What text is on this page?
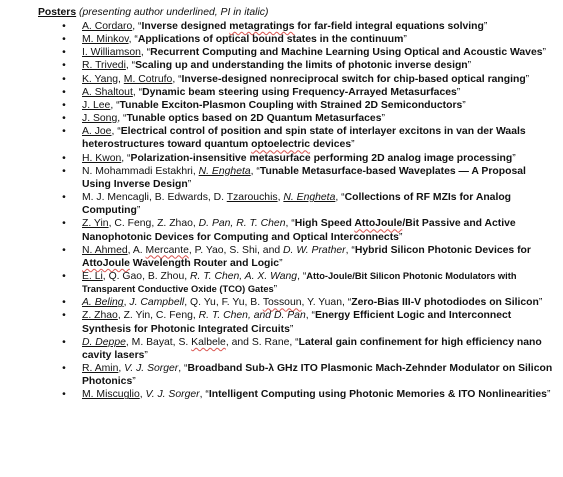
Posters (presenting author underlined, PI in italic)
• A. Cordaro, “Inverse designed metagratings for far-field integral equations solving”
• M. Minkov, “Applications of optical bound states in the continuum”
• I. Williamson, “Recurrent Computing and Machine Learning Using Optical and Acoustic Waves”
• R. Trivedi, “Scaling up and understanding the limits of photonic inverse design”
• K. Yang, M. Cotrufo, “Inverse-designed nonreciprocal switch for chip-based optical ranging”
• A. Shaltout, “Dynamic beam steering using Frequency-Arrayed Metasurfaces”
• J. Lee, “Tunable Exciton-Plasmon Coupling with Strained 2D Semiconductors”
• J. Song, “Tunable optics based on 2D Quantum Metasurfaces”
• A. Joe, “Electrical control of position and spin state of interlayer excitons in van der Waals heterostructures toward quantum optoelectric devices”
• H. Kwon, “Polarization-insensitive metasurface performing 2D analog image processing”
• N. Mohammadi Estakhri, N. Engheta, “Tunable Metasurface-based Waveplates — A Proposal Using Inverse Design”
• M. J. Mencagli, B. Edwards, D. Tzarouchis, N. Engheta, “Collections of RF MZIs for Analog Computing”
• Z. Yin, C. Feng, Z. Zhao, D. Pan, R. T. Chen, “High Speed AttoJoule/Bit Passive and Active Nanophotonic Devices for Computing and Optical Interconnects”
• N. Ahmed, A. Mercante, P. Yao, S. Shi, and D. W. Prather, “Hybrid Silicon Photonic Devices for AttoJoule Wavelength Router and Logic”
• E. Li, Q. Gao, B. Zhou, R. T. Chen, A. X. Wang, “Atto-Joule/Bit Silicon Photonic Modulators with Transparent Conductive Oxide (TCO) Gates”
• A. Beling, J. Campbell, Q. Yu, F. Yu, B. Tossoun, Y. Yuan, “Zero-Bias III-V photodiodes on Silicon”
• Z. Zhao, Z. Yin, C. Feng, R. T. Chen, and D. Pan, “Energy Efficient Logic and Interconnect Synthesis for Photonic Integrated Circuits”
• D. Deppe, M. Bayat, S. Kalbele, and S. Rane, “Lateral gain confinement for high efficiency nano cavity lasers”
• R. Amin, V. J. Sorger, “Broadband Sub-λ GHz ITO Plasmonic Mach-Zehnder Modulator on Silicon Photonics”
• M. Miscuglio, V. J. Sorger, “Intelligent Computing using Photonic Memories & ITO Nonlinearities”
